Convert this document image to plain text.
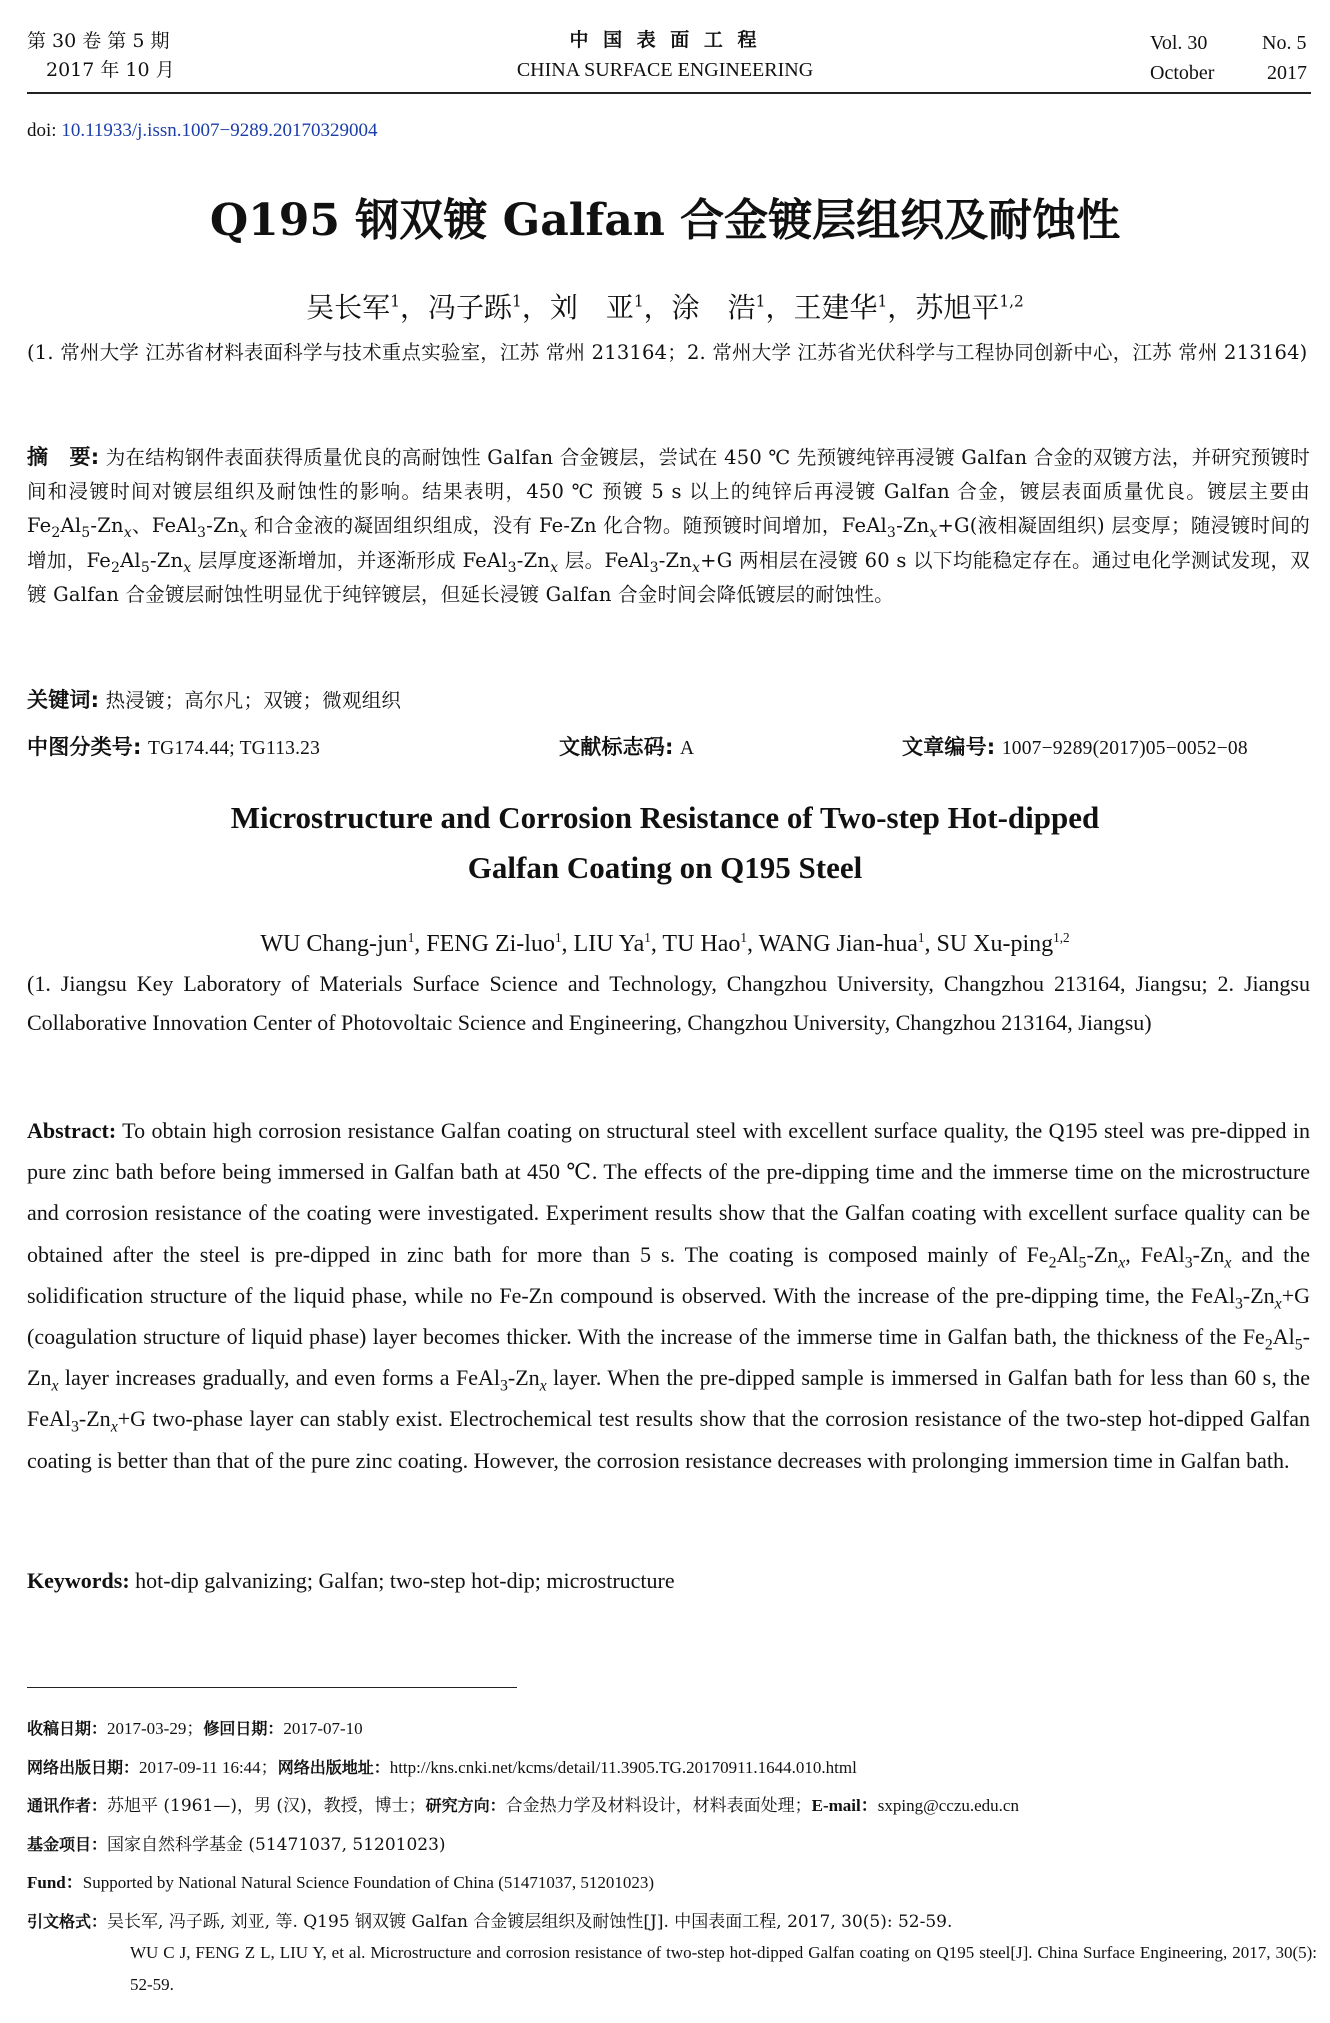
第 30 卷 第 5 期
2017 年 10 月
中 国 表 面 工 程
CHINA SURFACE ENGINEERING
Vol. 30	No. 5
October	2017
doi: 10.11933/j.issn.1007−9289.20170329004
Q195 钢双镀 Galfan 合金镀层组织及耐蚀性
吴长军$^1$，冯子跞$^1$，刘　亚$^1$，涂　浩$^1$，王建华$^1$，苏旭平$^{1,2}$
(1. 常州大学 江苏省材料表面科学与技术重点实验室，江苏 常州 213164；2. 常州大学 江苏省光伏科学与工程协同创新中心，江苏 常州 213164)
摘　要: 为在结构钢件表面获得质量优良的高耐蚀性 Galfan 合金镀层，尝试在 450 ℃ 先预镀纯锌再浸镀 Galfan 合金的双镀方法，并研究预镀时间和浸镀时间对镀层组织及耐蚀性的影响。结果表明，450 ℃ 预镀 5 s 以上的纯锌后再浸镀 Galfan 合金，镀层表面质量优良。镀层主要由 $Fe_2Al_5-Zn_x$、$FeAl_3-Zn_x$ 和合金液的凝固组织组成，没有 Fe-Zn 化合物。随预镀时间增加，$FeAl_3-Zn_x+G$(液相凝固组织) 层变厚；随浸镀时间的增加，$Fe_2Al_5-Zn_x$ 层厚度逐渐增加，并逐渐形成 $FeAl_3-Zn_x$ 层。$FeAl_3-Zn_x+G$ 两相层在浸镀 60 s 以下均能稳定存在。通过电化学测试发现，双镀 Galfan 合金镀层耐蚀性明显优于纯锌镀层，但延长浸镀 Galfan 合金时间会降低镀层的耐蚀性。
关键词: 热浸镀；高尔凡；双镀；微观组织
中图分类号: TG174.44; TG113.23	文献标志码: A	文章编号: 1007−9289(2017)05−0052−08
Microstructure and Corrosion Resistance of Two-step Hot-dipped
Galfan Coating on Q195 Steel
WU Chang-jun$^1$, FENG Zi-luo$^1$, LIU Ya$^1$, TU Hao$^1$, WANG Jian-hua$^1$, SU Xu-ping$^{1,2}$
(1. Jiangsu Key Laboratory of Materials Surface Science and Technology, Changzhou University, Changzhou 213164, Jiangsu; 2. Jiangsu Collaborative Innovation Center of Photovoltaic Science and Engineering, Changzhou University, Changzhou 213164, Jiangsu)
Abstract: To obtain high corrosion resistance Galfan coating on structural steel with excellent surface quality, the Q195 steel was pre-dipped in pure zinc bath before being immersed in Galfan bath at 450 ℃. The effects of the pre-dipping time and the immerse time on the microstructure and corrosion resistance of the coating were investigated. Experiment results show that the Galfan coating with excellent surface quality can be obtained after the steel is pre-dipped in zinc bath for more than 5 s. The coating is composed mainly of $Fe_2Al_5-Zn_x$, $FeAl_3-Zn_x$ and the solidification structure of the liquid phase, while no Fe-Zn compound is observed. With the increase of the pre-dipping time, the $FeAl_3-Zn_x+G$ (coagulation structure of liquid phase) layer becomes thicker. With the increase of the immerse time in Galfan bath, the thickness of the $Fe_2Al_5-Zn_x$ layer increases gradually, and even forms a $FeAl_3-Zn_x$ layer. When the pre-dipped sample is immersed in Galfan bath for less than 60 s, the $FeAl_3-Zn_x+G$ two-phase layer can stably exist. Electrochemical test results show that the corrosion resistance of the two-step hot-dipped Galfan coating is better than that of the pure zinc coating. However, the corrosion resistance decreases with prolonging immersion time in Galfan bath.
Keywords: hot-dip galvanizing; Galfan; two-step hot-dip; microstructure
收稿日期：2017-03-29；修回日期：2017-07-10
网络出版日期：2017-09-11 16:44；网络出版地址：http://kns.cnki.net/kcms/detail/11.3905.TG.20170911.1644.010.html
通讯作者：苏旭平 (1961—)，男 (汉)，教授，博士；研究方向：合金热力学及材料设计，材料表面处理；E-mail：sxping@cczu.edu.cn
基金项目：国家自然科学基金 (51471037, 51201023)
Fund：Supported by National Natural Science Foundation of China (51471037, 51201023)
引文格式：吴长军, 冯子跞, 刘亚, 等. Q195 钢双镀 Galfan 合金镀层组织及耐蚀性[J]. 中国表面工程, 2017, 30(5): 52-59.
WU C J, FENG Z L, LIU Y, et al. Microstructure and corrosion resistance of two-step hot-dipped Galfan coating on Q195 steel[J]. China Surface Engineering, 2017, 30(5): 52-59.
